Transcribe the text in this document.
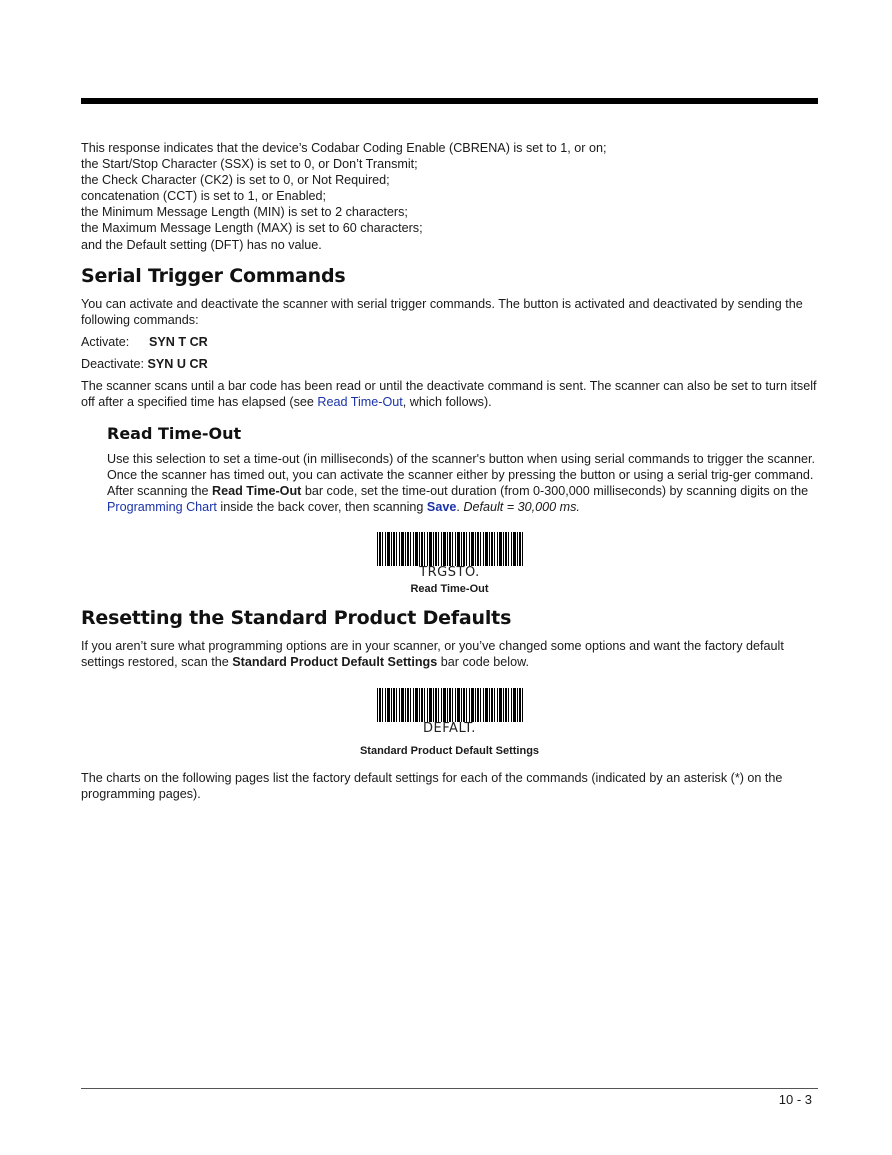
This response indicates that the device’s Codabar Coding Enable (CBRENA) is set to 1, or on;
the Start/Stop Character (SSX) is set to 0, or Don’t Transmit;
the Check Character (CK2) is set to 0, or Not Required;
concatenation (CCT) is set to 1, or Enabled;
the Minimum Message Length (MIN) is set to 2 characters;
the Maximum Message Length (MAX) is set to 60 characters;
and the Default setting (DFT) has no value.
Serial Trigger Commands

You can activate and deactivate the scanner with serial trigger commands. The button is activated and deactivated by sending the following commands:

Activate: SYN T CR
Deactivate: SYN U CR

The scanner scans until a bar code has been read or until the deactivate command is sent. The scanner can also be set to turn itself off after a specified time has elapsed (see Read Time-Out, which follows).

Read Time-Out

Use this selection to set a time-out (in milliseconds) of the scanner's button when using serial commands to trigger the scanner. Once the scanner has timed out, you can activate the scanner either by pressing the button or using a serial trig-ger command. After scanning the Read Time-Out bar code, set the time-out duration (from 0-300,000 milliseconds) by scanning digits on the Programming Chart inside the back cover, then scanning Save. Default = 30,000 ms.

TRGSTO.
Read Time-Out
Resetting the Standard Product Defaults

If you aren’t sure what programming options are in your scanner, or you’ve changed some options and want the factory default settings restored, scan the Standard Product Default Settings bar code below.

DEFALT.
Standard Product Default Settings

The charts on the following pages list the factory default settings for each of the commands (indicated by an asterisk (*) on the programming pages).

10 - 3
